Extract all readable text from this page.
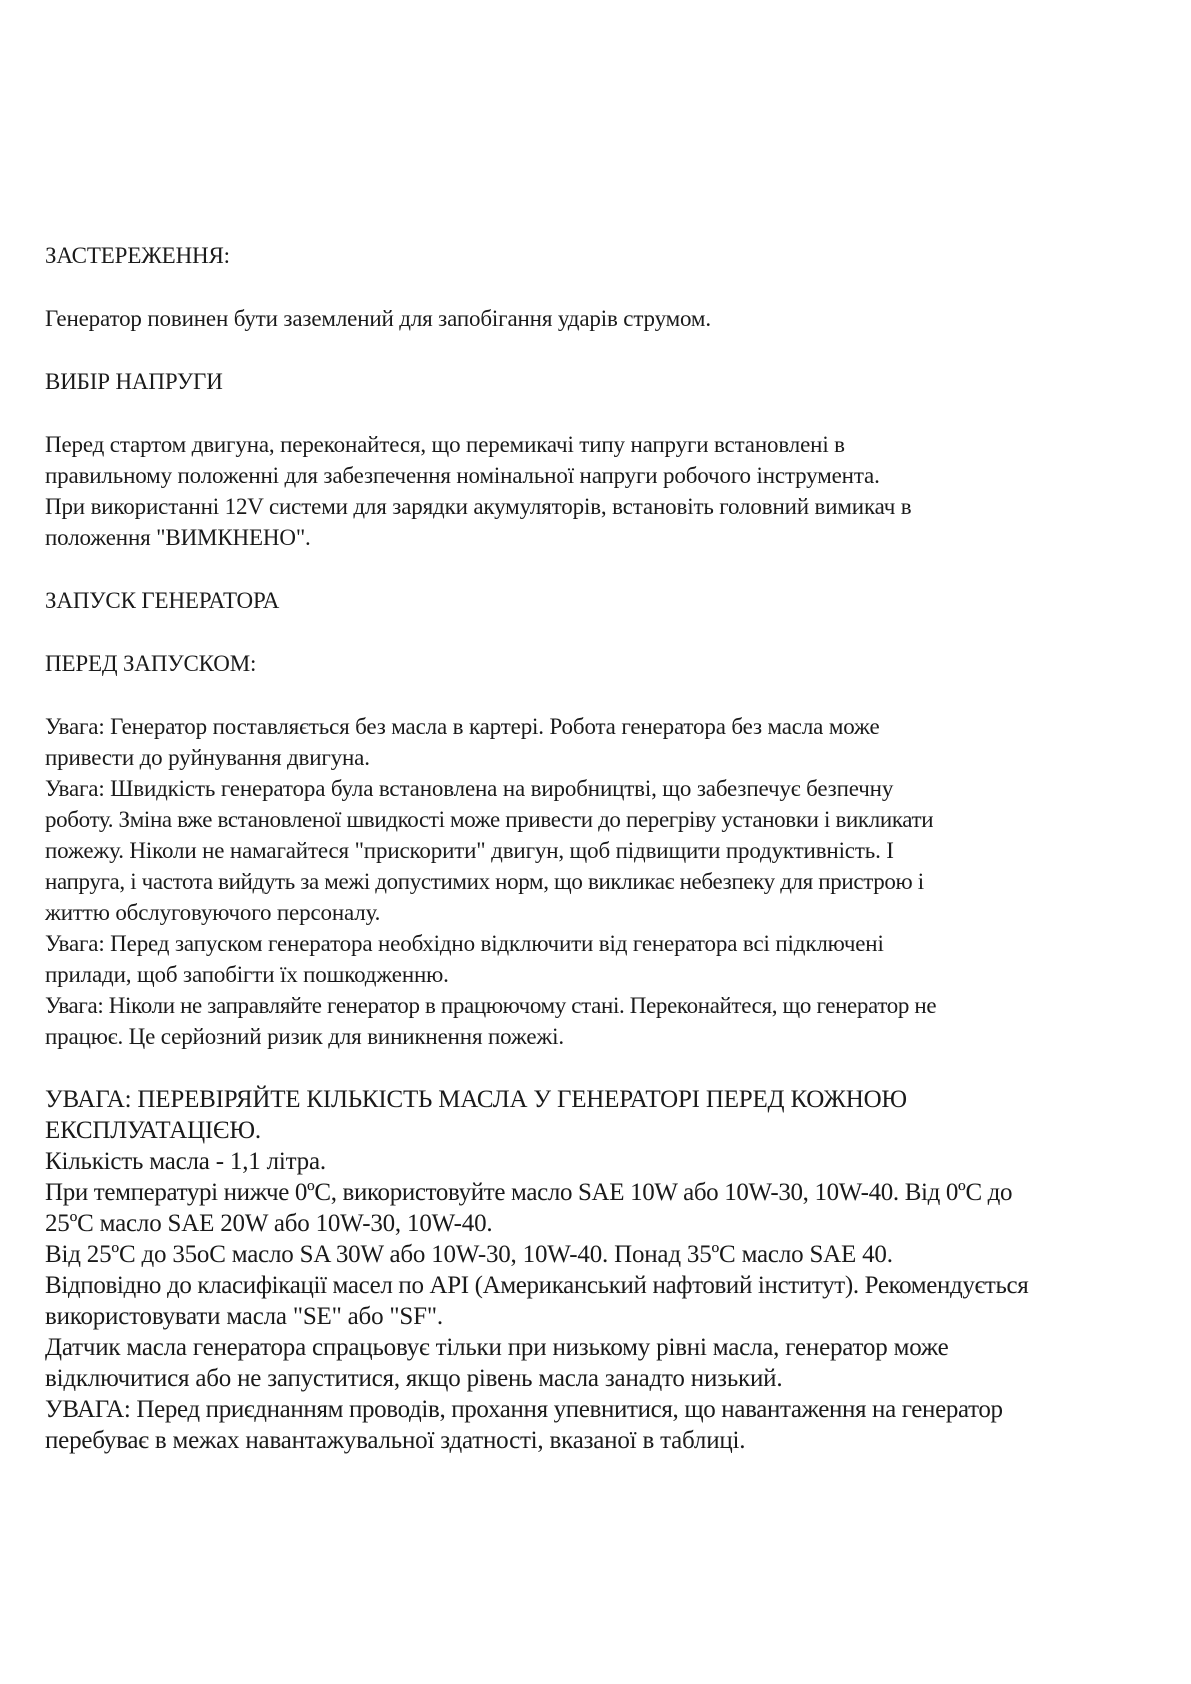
ЗАСТЕРЕЖЕННЯ:

Генератор повинен бути заземлений для запобігання ударів струмом.

ВИБІР НАПРУГИ

Перед стартом двигуна, переконайтеся, що перемикачі типу напруги встановлені в
правильному положенні для забезпечення номінальної напруги робочого інструмента.
При використанні 12V системи для зарядки акумуляторів, встановіть головний вимикач в
положення "ВИМКНЕНО".

ЗАПУСК ГЕНЕРАТОРА
ПЕРЕД ЗАПУСКОМ:

Увага: Генератор поставляється без масла в картері. Робота генератора без масла може
привести до руйнування двигуна.
Увага: Швидкість генератора була встановлена на виробництві, що забезпечує безпечну
роботу. Зміна вже встановленої швидкості може привести до перегріву установки і викликати
пожежу. Ніколи не намагайтеся "прискорити" двигун, щоб підвищити продуктивність. І
напруга, і частота вийдуть за межі допустимих норм, що викликає небезпеку для пристрою і
життю обслуговуючого персоналу.
Увага: Перед запуском генератора необхідно відключити від генератора всі підключені
прилади, щоб запобігти їх пошкодженню.
Увага: Ніколи не заправляйте генератор в працюючому стані. Переконайтеся, що генератор не
працює. Це серйозний ризик для виникнення пожежі.

УВАГА: ПЕРЕВІРЯЙТЕ КІЛЬКІСТЬ МАСЛА У ГЕНЕРАТОРІ ПЕРЕД КОЖНОЮ
ЕКСПЛУАТАЦІЄЮ.
Кількість масла - 1,1 літра.
При температурі нижче 0ºС, використовуйте масло SAE 10W або 10W-30, 10W-40. Від 0ºС до
25ºС масло SAE 20W або 10W-30, 10W-40.
Від 25ºС до 35oC масло SA 30W або 10W-30, 10W-40. Понад 35ºС масло SAE 40.
Відповідно до класифікації масел по API (Американський нафтовий інститут). Рекомендується
використовувати масла "SE" або "SF".
Датчик масла генератора спрацьовує тільки при низькому рівні масла, генератор може
відключитися або не запуститися, якщо рівень масла занадто низький.
УВАГА: Перед приєднанням проводів, прохання упевнитися, що навантаження на генератор
перебуває в межах навантажувальної здатності, вказаної в таблиці.
